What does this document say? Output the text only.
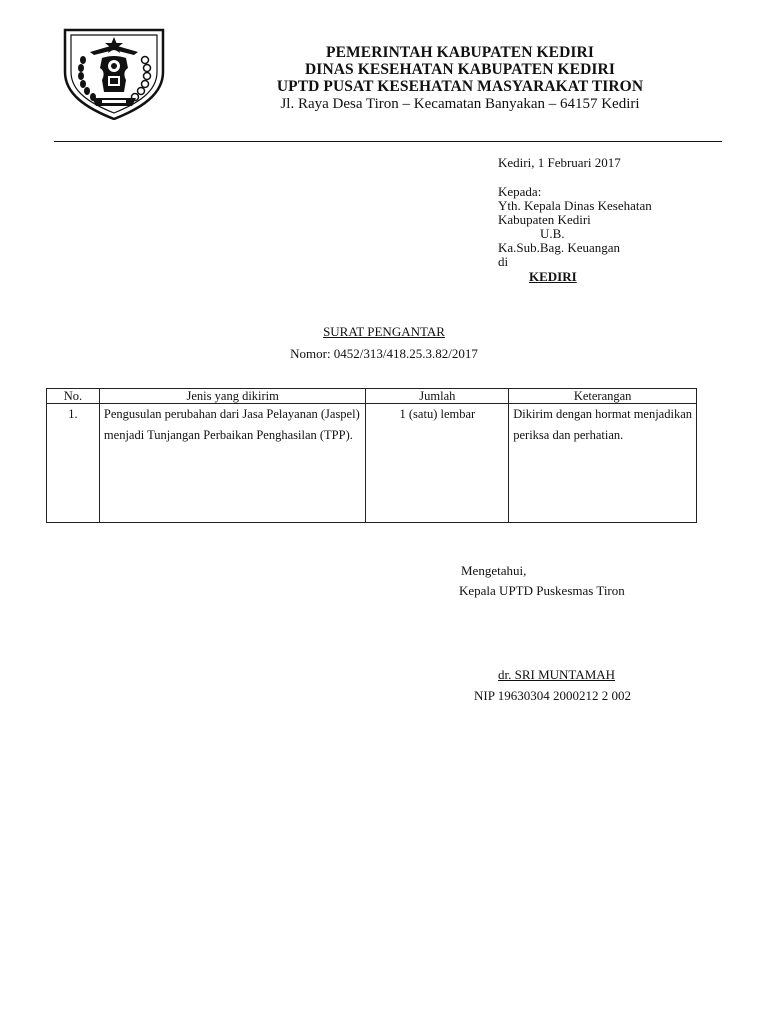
PEMERINTAH KABUPATEN KEDIRI
DINAS KESEHATAN KABUPATEN KEDIRI
UPTD PUSAT KESEHATAN MASYARAKAT TIRON
Jl. Raya Desa Tiron – Kecamatan Banyakan – 64157 Kediri
Kediri, 1 Februari 2017
Kepada:
Yth. Kepala Dinas Kesehatan
Kabupaten Kediri
U.B.
Ka.Sub.Bag. Keuangan
di
KEDIRI
SURAT PENGANTAR
Nomor: 0452/313/418.25.3.82/2017
No.	Jenis yang dikirim	Jumlah	Keterangan
1.	Pengusulan perubahan dari Jasa Pelayanan (Jaspel) menjadi Tunjangan Perbaikan Penghasilan (TPP).	1 (satu) lembar	Dikirim dengan hormat menjadikan periksa dan perhatian.
Mengetahui,
Kepala UPTD Puskesmas Tiron
dr. SRI MUNTAMAH
NIP 19630304 2000212 2 002
